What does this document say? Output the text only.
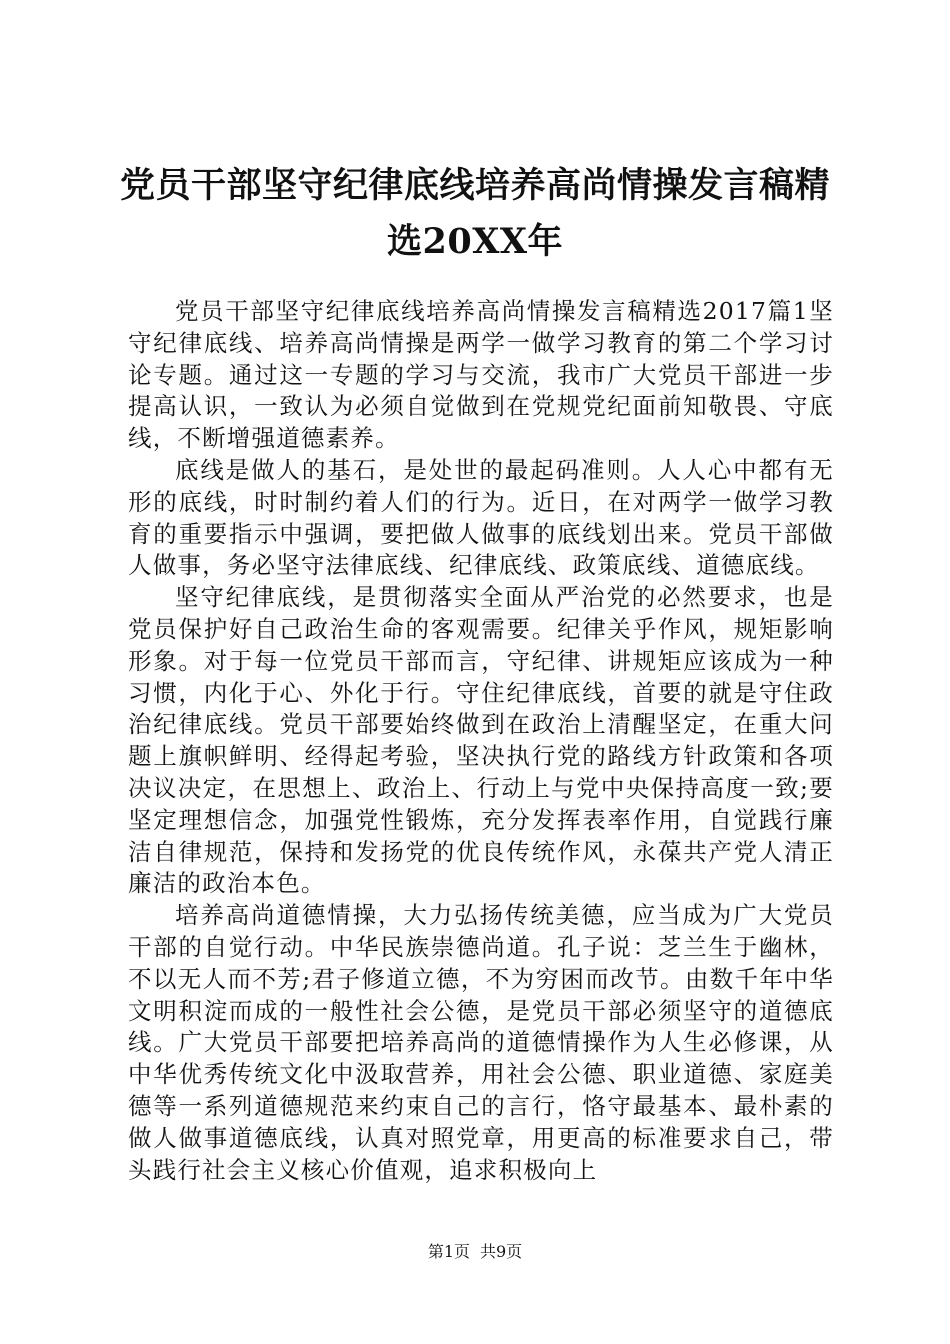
党员干部坚守纪律底线培养高尚情操发言稿精选20XX年

党员干部坚守纪律底线培养高尚情操发言稿精选2017篇1坚守纪律底线、培养高尚情操是两学一做学习教育的第二个学习讨论专题。通过这一专题的学习与交流，我市广大党员干部进一步提高认识，一致认为必须自觉做到在党规党纪面前知敬畏、守底线，不断增强道德素养。

底线是做人的基石，是处世的最起码准则。人人心中都有无形的底线，时时制约着人们的行为。近日，在对两学一做学习教育的重要指示中强调，要把做人做事的底线划出来。党员干部做人做事，务必坚守法律底线、纪律底线、政策底线、道德底线。

坚守纪律底线，是贯彻落实全面从严治党的必然要求，也是党员保护好自己政治生命的客观需要。纪律关乎作风，规矩影响形象。对于每一位党员干部而言，守纪律、讲规矩应该成为一种习惯，内化于心、外化于行。守住纪律底线，首要的就是守住政治纪律底线。党员干部要始终做到在政治上清醒坚定，在重大问题上旗帜鲜明、经得起考验，坚决执行党的路线方针政策和各项决议决定，在思想上、政治上、行动上与党中央保持高度一致;要坚定理想信念，加强党性锻炼，充分发挥表率作用，自觉践行廉洁自律规范，保持和发扬党的优良传统作风，永葆共产党人清正廉洁的政治本色。

培养高尚道德情操，大力弘扬传统美德，应当成为广大党员干部的自觉行动。中华民族崇德尚道。孔子说：芝兰生于幽林，不以无人而不芳;君子修道立德，不为穷困而改节。由数千年中华文明积淀而成的一般性社会公德，是党员干部必须坚守的道德底线。广大党员干部要把培养高尚的道德情操作为人生必修课，从中华优秀传统文化中汲取营养，用社会公德、职业道德、家庭美德等一系列道德规范来约束自己的言行，恪守最基本、最朴素的做人做事道德底线，认真对照党章，用更高的标准要求自己，带头践行社会主义核心价值观，追求积极向上

第1页 共9页
